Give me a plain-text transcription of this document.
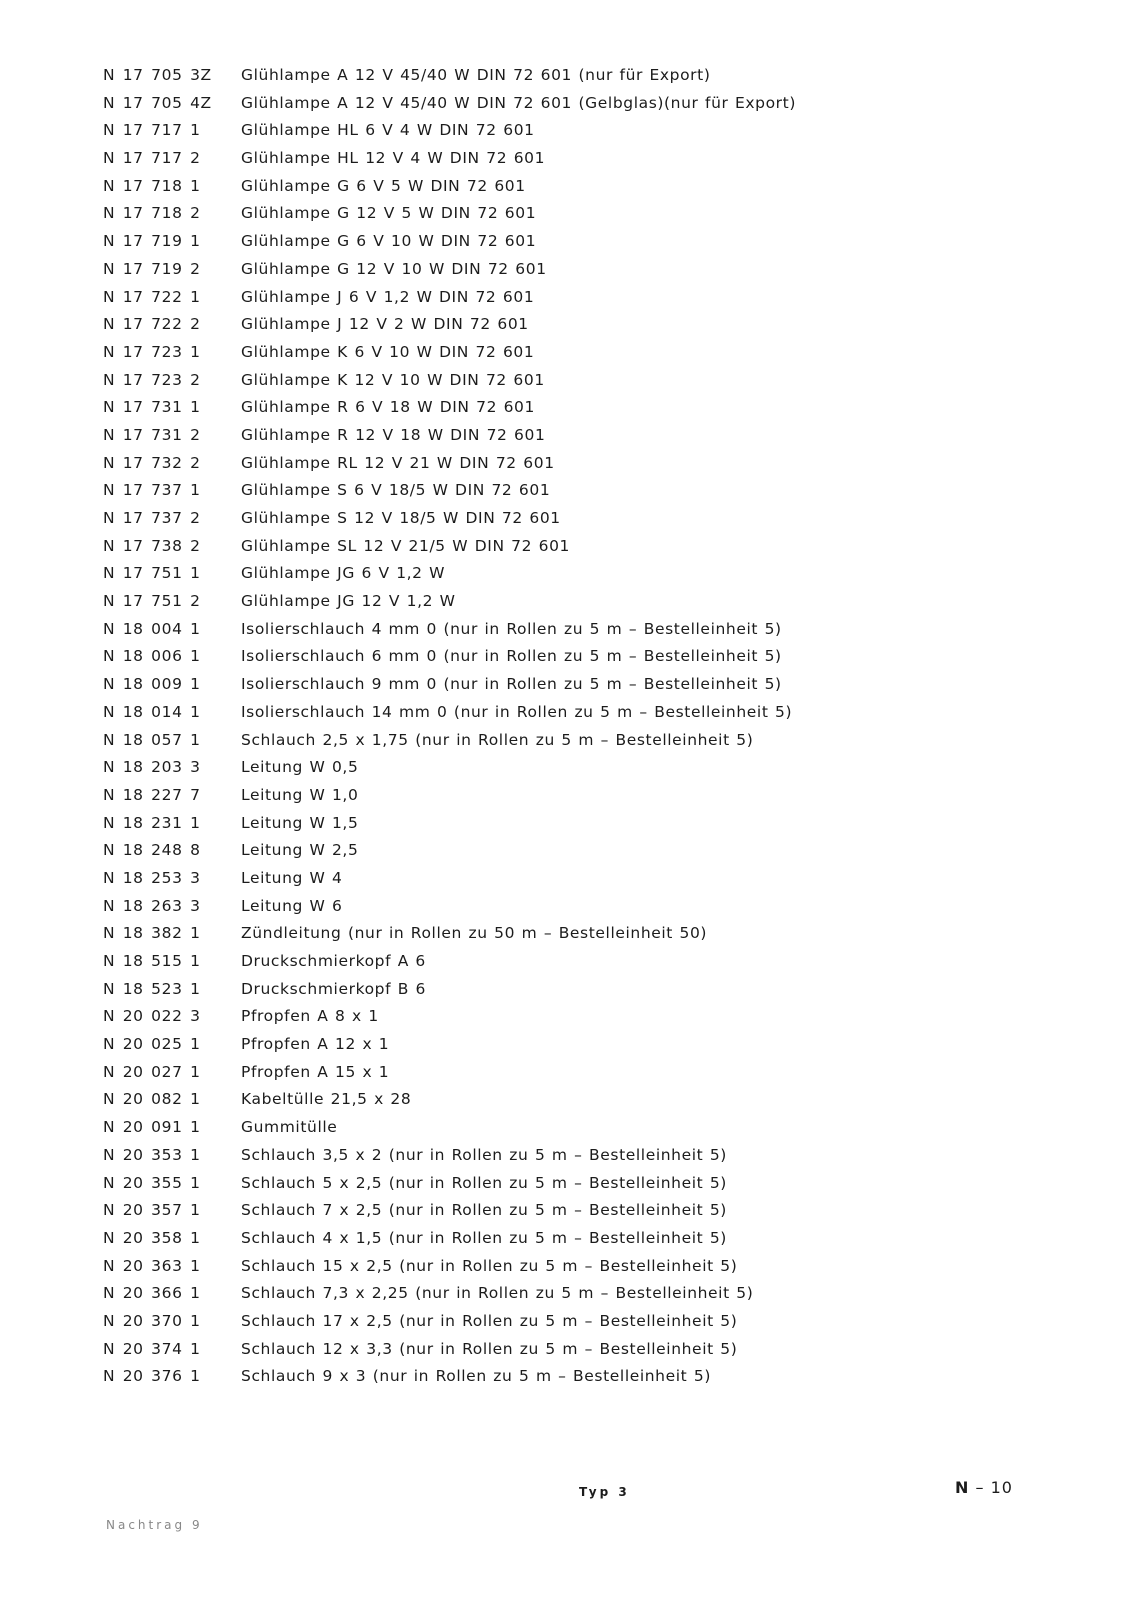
N 17 705 3Z Glühlampe A 12 V 45/40 W DIN 72 601 (nur für Export)
N 17 705 4Z Glühlampe A 12 V 45/40 W DIN 72 601 (Gelbglas)(nur für Export)
N 17 717 1	Glühlampe HL 6 V 4 W DIN 72 601
N 17 717 2	Glühlampe HL 12 V 4 W DIN 72 601
N 17 718 1	Glühlampe G 6 V 5 W DIN 72 601
N 17 718 2	Glühlampe G 12 V 5 W DIN 72 601
N 17 719 1	Glühlampe G 6 V 10 W DIN 72 601
N 17 719 2	Glühlampe G 12 V 10 W DIN 72 601
N 17 722 1	Glühlampe J 6 V 1,2 W DIN 72 601
N 17 722 2	Glühlampe J 12 V 2 W DIN 72 601
N 17 723 1	Glühlampe K 6 V 10 W DIN 72 601
N 17 723 2	Glühlampe K 12 V 10 W DIN 72 601
N 17 731 1	Glühlampe R 6 V 18 W DIN 72 601
N 17 731 2	Glühlampe R 12 V 18 W DIN 72 601
N 17 732 2	Glühlampe RL 12 V 21 W DIN 72 601
N 17 737 1	Glühlampe S 6 V 18/5 W DIN 72 601
N 17 737 2	Glühlampe S 12 V 18/5 W DIN 72 601
N 17 738 2	Glühlampe SL 12 V 21/5 W DIN 72 601
N 17 751 1	Glühlampe JG 6 V 1,2 W
N 17 751 2	Glühlampe JG 12 V 1,2 W
N 18 004 1	Isolierschlauch 4 mm 0 (nur in Rollen zu 5 m – Bestelleinheit 5)
N 18 006 1	Isolierschlauch 6 mm 0 (nur in Rollen zu 5 m – Bestelleinheit 5)
N 18 009 1	Isolierschlauch 9 mm 0 (nur in Rollen zu 5 m – Bestelleinheit 5)
N 18 014 1	Isolierschlauch 14 mm 0 (nur in Rollen zu 5 m – Bestelleinheit 5)
N 18 057 1	Schlauch 2,5 x 1,75 (nur in Rollen zu 5 m – Bestelleinheit 5)
N 18 203 3	Leitung W 0,5
N 18 227 7	Leitung W 1,0
N 18 231 1	Leitung W 1,5
N 18 248 8	Leitung W 2,5
N 18 253 3	Leitung W 4
N 18 263 3	Leitung W 6
N 18 382 1	Zündleitung (nur in Rollen zu 50 m – Bestelleinheit 50)
N 18 515 1	Druckschmierkopf A 6
N 18 523 1	Druckschmierkopf B 6
N 20 022 3	Pfropfen A 8 x 1
N 20 025 1	Pfropfen A 12 x 1
N 20 027 1	Pfropfen A 15 x 1
N 20 082 1	Kabeltülle 21,5 x 28
N 20 091 1	Gummitülle
N 20 353 1	Schlauch 3,5 x 2 (nur in Rollen zu 5 m – Bestelleinheit 5)
N 20 355 1	Schlauch 5 x 2,5 (nur in Rollen zu 5 m – Bestelleinheit 5)
N 20 357 1	Schlauch 7 x 2,5 (nur in Rollen zu 5 m – Bestelleinheit 5)
N 20 358 1	Schlauch 4 x 1,5 (nur in Rollen zu 5 m – Bestelleinheit 5)
N 20 363 1	Schlauch 15 x 2,5 (nur in Rollen zu 5 m – Bestelleinheit 5)
N 20 366 1	Schlauch 7,3 x 2,25 (nur in Rollen zu 5 m – Bestelleinheit 5)
N 20 370 1	Schlauch 17 x 2,5 (nur in Rollen zu 5 m – Bestelleinheit 5)
N 20 374 1	Schlauch 12 x 3,3 (nur in Rollen zu 5 m – Bestelleinheit 5)
N 20 376 1	Schlauch 9 x 3 (nur in Rollen zu 5 m – Bestelleinheit 5)
Typ 3	N – 10
Nachtrag 9
